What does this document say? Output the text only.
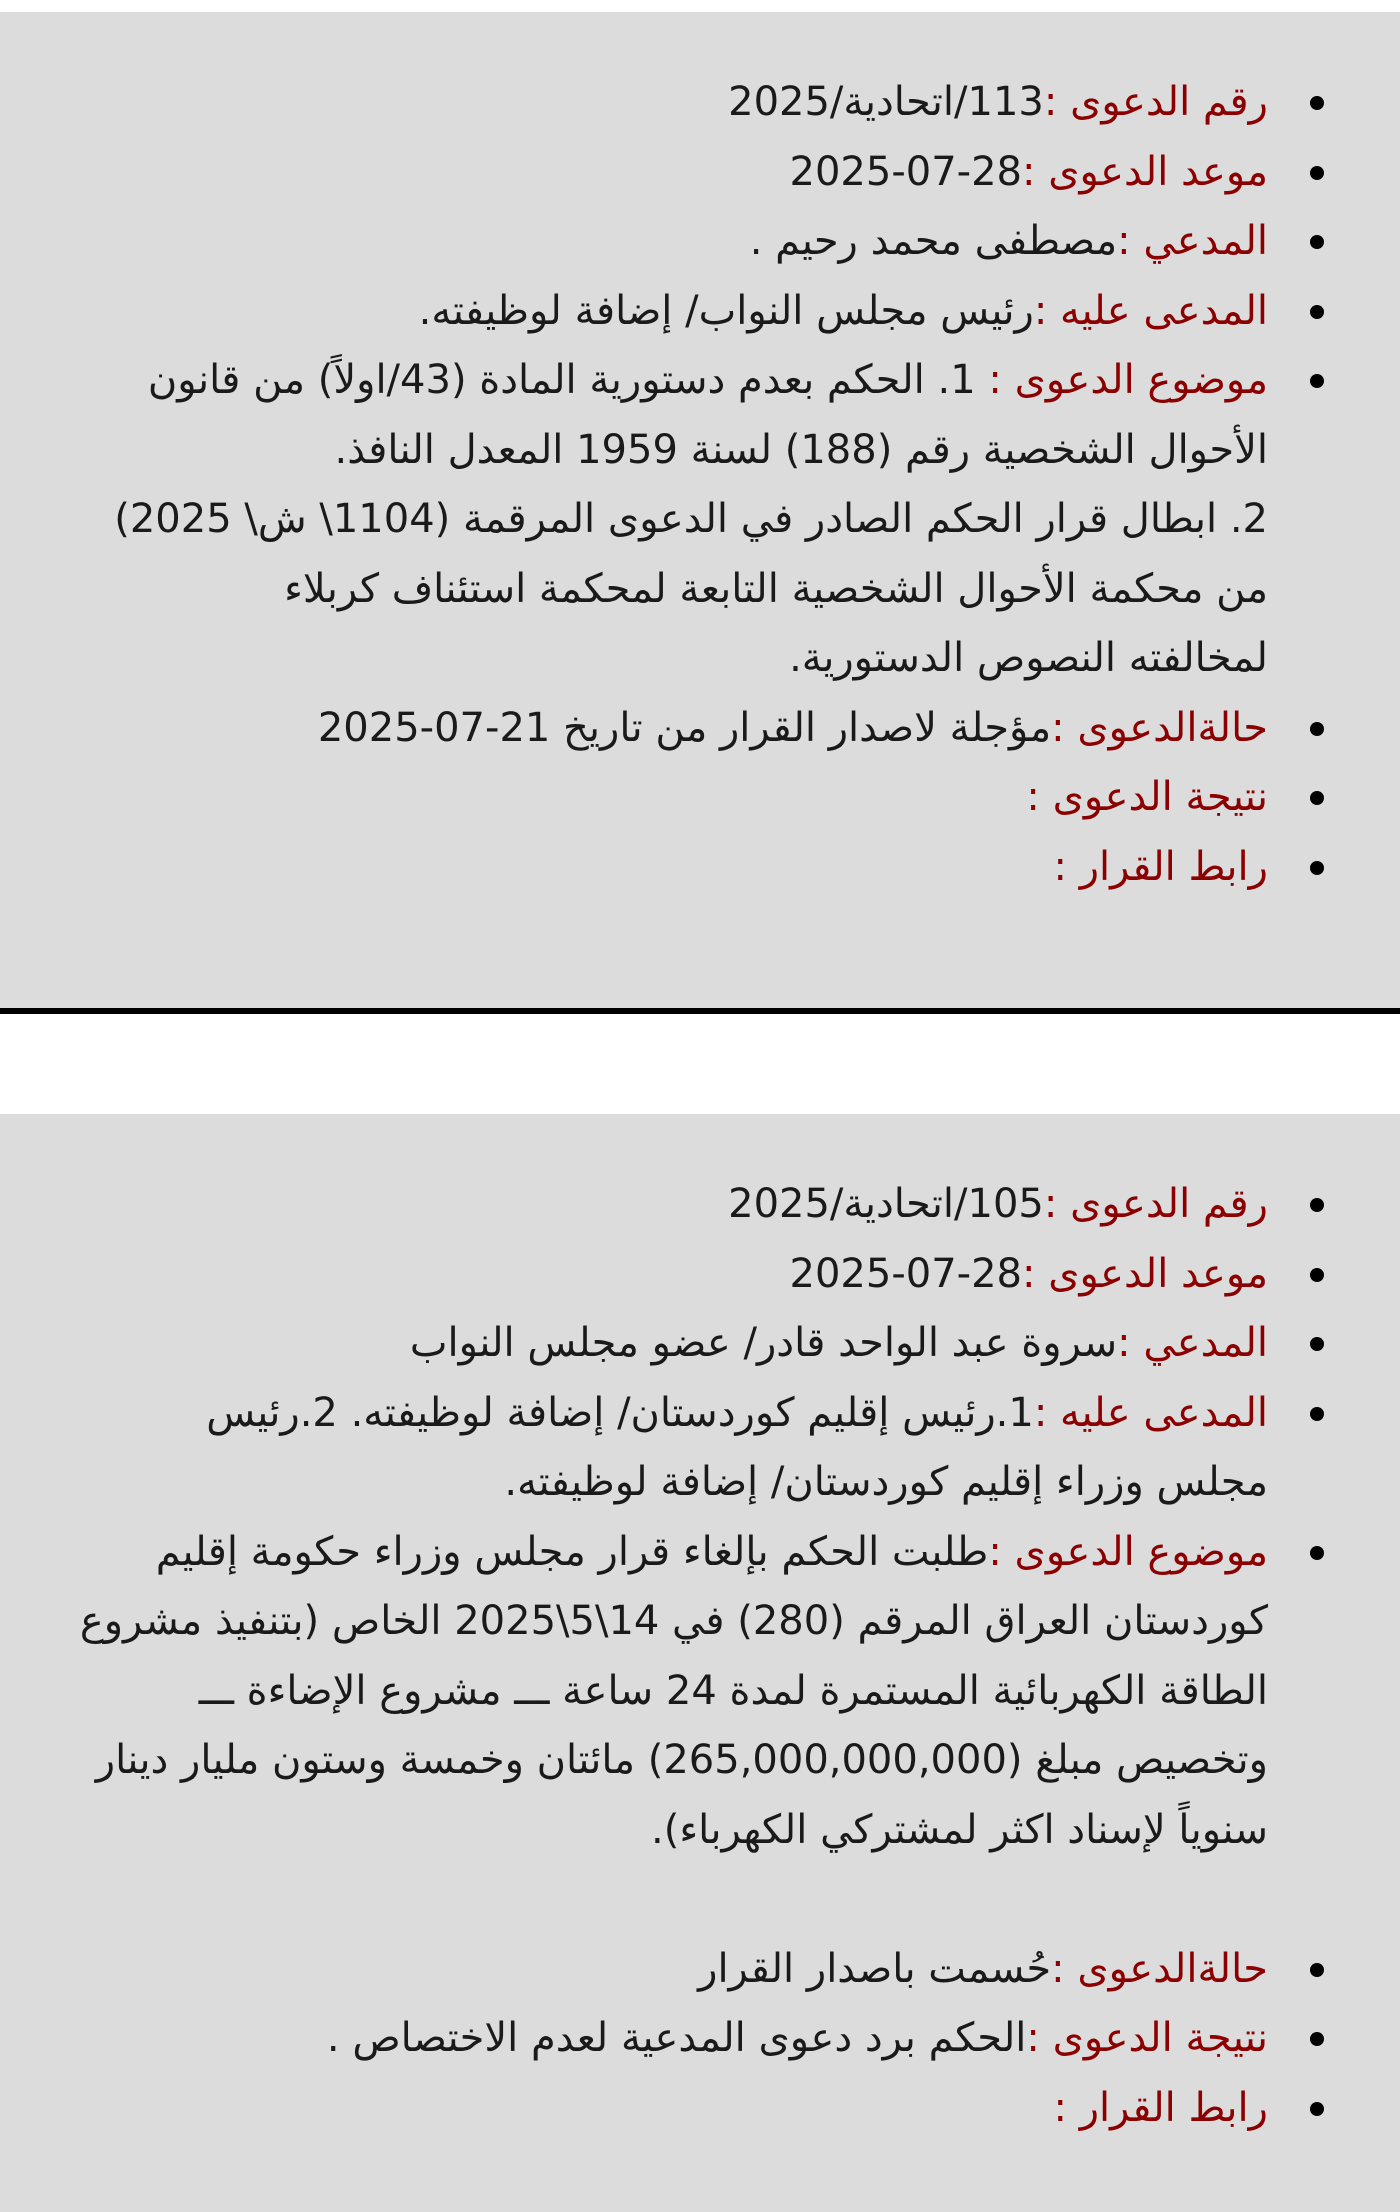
رقم الدعوى :113/اتحادية/2025
موعد الدعوى :28-07-2025
المدعي :مصطفى محمد رحيم .
المدعى عليه :رئيس مجلس النواب/ إضافة لوظيفته.
موضوع الدعوى : 1. الحكم بعدم دستورية المادة (43/اولاً) من قانون
الأحوال الشخصية رقم (188) لسنة 1959 المعدل النافذ.
2. ابطال قرار الحكم الصادر في الدعوى المرقمة (1104\ ش\ 2025)
من محكمة الأحوال الشخصية التابعة لمحكمة استئناف كربلاء
لمخالفته النصوص الدستورية.
حالةالدعوى :مؤجلة لاصدار القرار من تاريخ 21-07-2025
نتيجة الدعوى :
رابط القرار :
رقم الدعوى :105/اتحادية/2025
موعد الدعوى :28-07-2025
المدعي :سروة عبد الواحد قادر/ عضو مجلس النواب
المدعى عليه :1.رئيس إقليم كوردستان/ إضافة لوظيفته. 2.رئيس
مجلس وزراء إقليم كوردستان/ إضافة لوظيفته.
موضوع الدعوى :طلبت الحكم بإلغاء قرار مجلس وزراء حكومة إقليم
كوردستان العراق المرقم (280) في 14\5\2025 الخاص (بتنفيذ مشروع
الطاقة الكهربائية المستمرة لمدة 24 ساعة ـــ مشروع الإضاءة ـــ
وتخصيص مبلغ (265,000,000,000) مائتان وخمسة وستون مليار دينار
سنوياً لإسناد اكثر لمشتركي الكهرباء).
حالةالدعوى :حُسمت باصدار القرار
نتيجة الدعوى :الحكم برد دعوى المدعية لعدم الاختصاص .
رابط القرار :
